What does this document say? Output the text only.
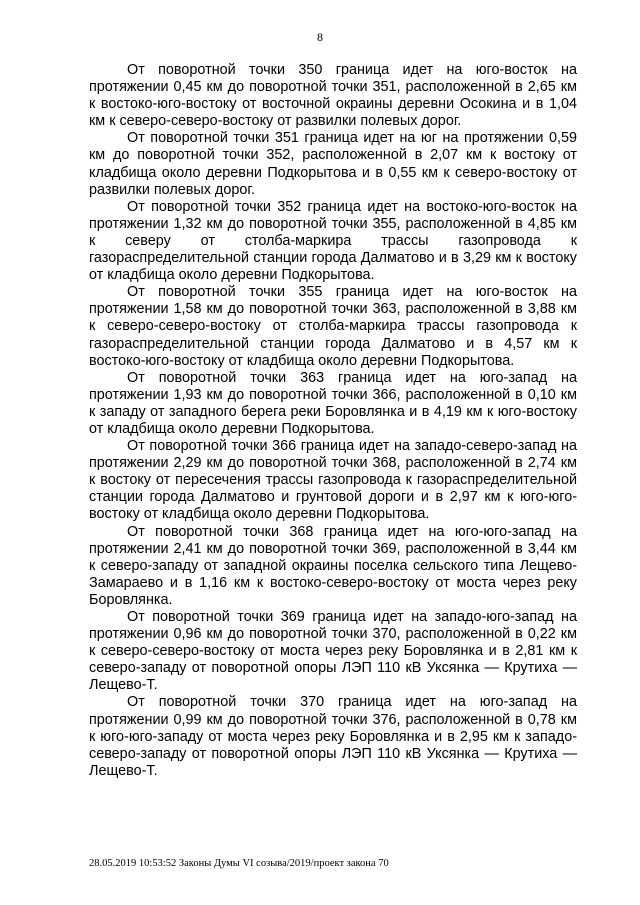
8

От поворотной точки 350 граница идет на юго-восток на протяжении 0,45 км до поворотной точки 351, расположенной в 2,65 км к востоко-юго-востоку от восточной окраины деревни Осокина и в 1,04 км к северо-северо-востоку от развилки полевых дорог.

От поворотной точки 351 граница идет на юг на протяжении 0,59 км до поворотной точки 352, расположенной в 2,07 км к востоку от кладбища около деревни Подкорытова и в 0,55 км к северо-востоку от развилки полевых дорог.

От поворотной точки 352 граница идет на востоко-юго-восток на протяжении 1,32 км до поворотной точки 355, расположенной в 4,85 км к северу от столба-маркира трассы газопровода к газораспределительной станции города Далматово и в 3,29 км к востоку от кладбища около деревни Подкорытова.

От поворотной точки 355 граница идет на юго-восток на протяжении 1,58 км до поворотной точки 363, расположенной в 3,88 км к северо-северо-востоку от столба-маркира трассы газопровода к газораспределительной станции города Далматово и в 4,57 км к востоко-юго-востоку от кладбища около деревни Подкорытова.

От поворотной точки 363 граница идет на юго-запад на протяжении 1,93 км до поворотной точки 366, расположенной в 0,10 км к западу от западного берега реки Боровлянка и в 4,19 км к юго-востоку от кладбища около деревни Подкорытова.

От поворотной точки 366 граница идет на западо-северо-запад на протяжении 2,29 км до поворотной точки 368, расположенной в 2,74 км к востоку от пересечения трассы газопровода к газораспределительной станции города Далматово и грунтовой дороги и в 2,97 км к юго-юго-востоку от кладбища около деревни Подкорытова.

От поворотной точки 368 граница идет на юго-юго-запад на протяжении 2,41 км до поворотной точки 369, расположенной в 3,44 км к северо-западу от западной окраины поселка сельского типа Лещево-Замараево и в 1,16 км к востоко-северо-востоку от моста через реку Боровлянка.

От поворотной точки 369 граница идет на западо-юго-запад на протяжении 0,96 км до поворотной точки 370, расположенной в 0,22 км к северо-северо-востоку от моста через реку Боровлянка и в 2,81 км к северо-западу от поворотной опоры ЛЭП 110 кВ Уксянка — Крутиха — Лещево-Т.

От поворотной точки 370 граница идет на юго-запад на протяжении 0,99 км до поворотной точки 376, расположенной в 0,78 км к юго-юго-западу от моста через реку Боровлянка и в 2,95 км к западо-северо-западу от поворотной опоры ЛЭП 110 кВ Уксянка — Крутиха — Лещево-Т.

28.05.2019 10:53:52 Законы Думы VI созыва/2019/проект закона 70
